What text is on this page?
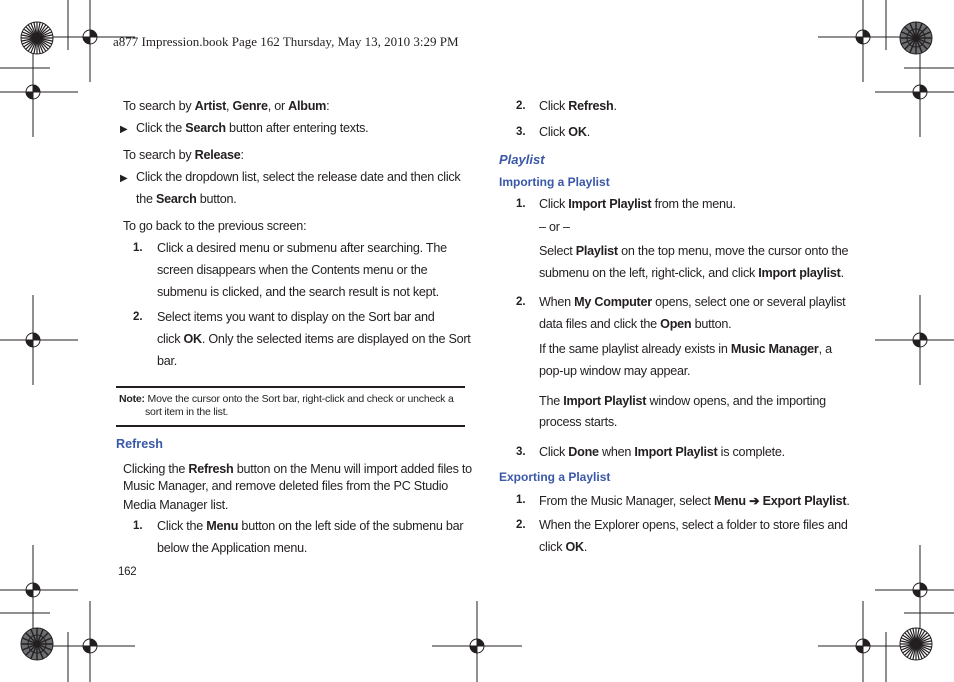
a877 Impression.book Page 162 Thursday, May 13, 2010 3:29 PM
To search by Artist, Genre, or Album:
▶ Click the Search button after entering texts.
To search by Release:
▶ Click the dropdown list, select the release date and then click
the Search button.
To go back to the previous screen:
1. Click a desired menu or submenu after searching. The
screen disappears when the Contents menu or the
submenu is clicked, and the search result is not kept.
2. Select items you want to display on the Sort bar and
click OK. Only the selected items are displayed on the Sort
bar.
Note: Move the cursor onto the Sort bar, right-click and check or uncheck a
sort item in the list.
Refresh
Clicking the Refresh button on the Menu will import added files to
Music Manager, and remove deleted files from the PC Studio
Media Manager list.
1. Click the Menu button on the left side of the submenu bar
below the Application menu.
162
2. Click Refresh.
3. Click OK.
Playlist
Importing a Playlist
1. Click Import Playlist from the menu.
– or –
Select Playlist on the top menu, move the cursor onto the
submenu on the left, right-click, and click Import playlist.
2. When My Computer opens, select one or several playlist
data files and click the Open button.
If the same playlist already exists in Music Manager, a
pop-up window may appear.
The Import Playlist window opens, and the importing
process starts.
3. Click Done when Import Playlist is complete.
Exporting a Playlist
1. From the Music Manager, select Menu ➔ Export Playlist.
2. When the Explorer opens, select a folder to store files and
click OK.
